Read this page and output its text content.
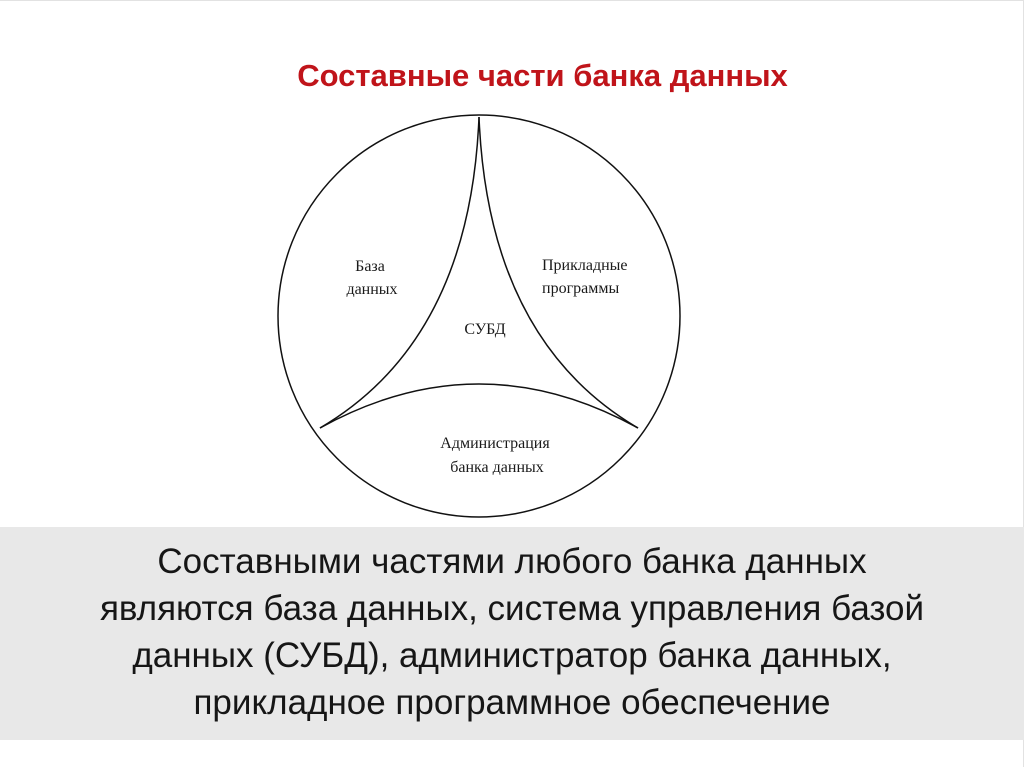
Составные части банка данных
База данных
Прикладные программы
СУБД
Администрация банка данных
Составными частями любого банка данных
являются база данных, система управления базой
данных (СУБД), администратор банка данных,
прикладное программное обеспечение
